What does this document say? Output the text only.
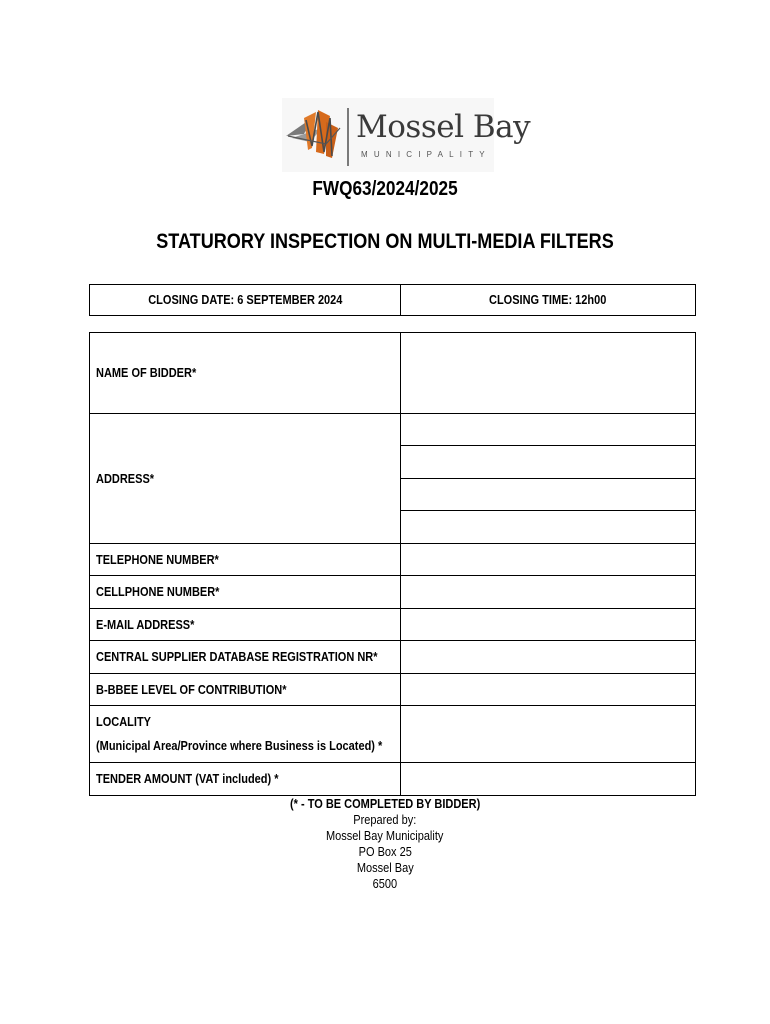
Mossel Bay
MUNICIPALITY
FWQ63/2024/2025
STATURORY INSPECTION ON MULTI-MEDIA FILTERS
CLOSING DATE: 6 SEPTEMBER 2024	CLOSING TIME: 12h00
NAME OF BIDDER*	
ADDRESS*	

TELEPHONE NUMBER*	
CELLPHONE NUMBER*	
E-MAIL ADDRESS*	
CENTRAL SUPPLIER DATABASE REGISTRATION NR*	
B-BBEE LEVEL OF CONTRIBUTION*	
LOCALITY
(Municipal Area/Province where Business is Located) *	
TENDER AMOUNT (VAT included) *	
(* - TO BE COMPLETED BY BIDDER)
Prepared by:
Mossel Bay Municipality
PO Box 25
Mossel Bay
6500
